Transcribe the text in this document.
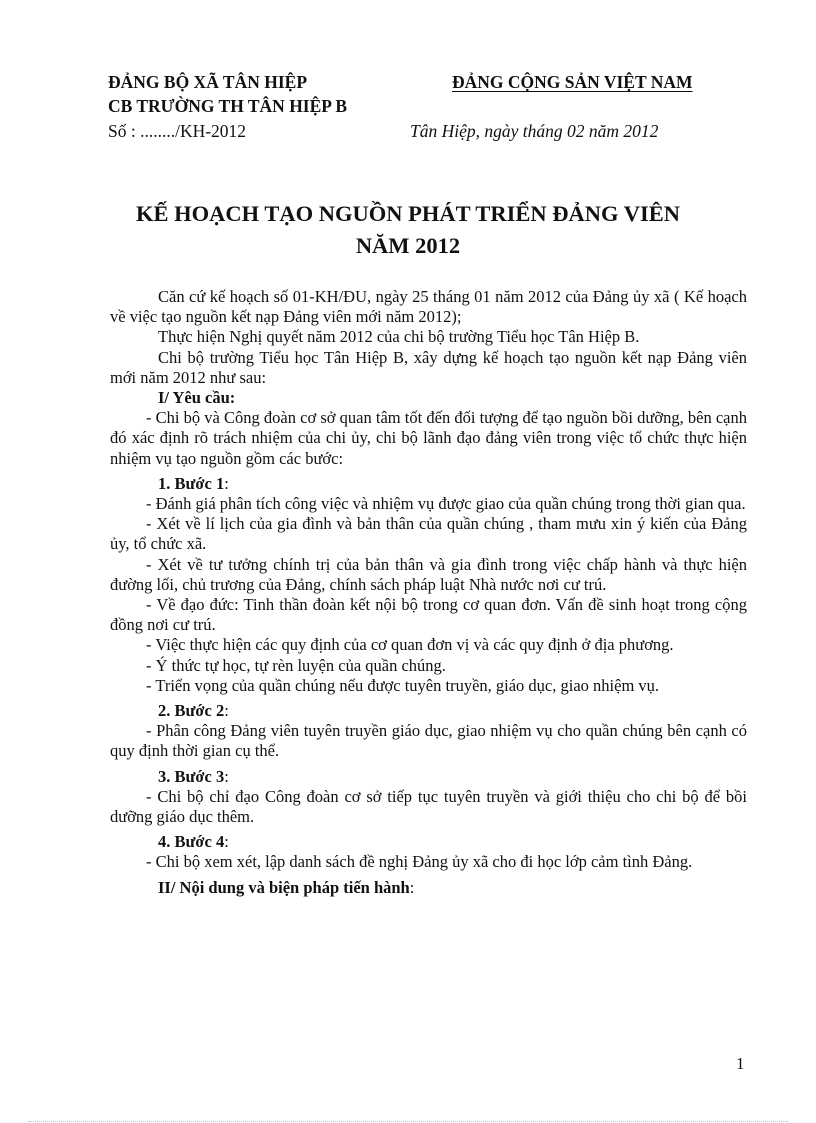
ĐẢNG BỘ XÃ TÂN HIỆP
CB TRƯỜNG TH TÂN HIỆP B
Số : ......../KH-2012
ĐẢNG CỘNG SẢN VIỆT NAM
Tân Hiệp, ngày tháng 02 năm 2012
KẾ HOẠCH TẠO NGUỒN PHÁT TRIỂN ĐẢNG VIÊN
NĂM 2012

Căn cứ kế hoạch số 01-KH/ĐU, ngày 25 tháng 01 năm 2012 của Đảng ủy xã ( Kế hoạch về việc tạo nguồn kết nạp Đảng viên mới năm 2012);

Thực hiện Nghị quyết năm 2012 của chi bộ trường Tiểu học Tân Hiệp B.

Chi bộ trường Tiểu học Tân Hiệp B, xây dựng kế hoạch tạo nguồn kết nạp Đảng viên mới năm 2012 như sau:

I/ Yêu cầu:

- Chi bộ và Công đoàn cơ sở quan tâm tốt đến đối tượng để tạo nguồn bồi dưỡng, bên cạnh đó xác định rõ trách nhiệm của chi ủy, chi bộ lãnh đạo đảng viên trong việc tổ chức thực hiện nhiệm vụ tạo nguồn gồm các bước:

1. Bước 1:

- Đánh giá phân tích công việc và nhiệm vụ được giao của quần chúng trong thời gian qua.

- Xét về lí lịch của gia đình và bản thân của quần chúng , tham mưu xin ý kiến của Đảng ủy, tổ chức xã.

- Xét về tư tưởng chính trị của bản thân và gia đình trong việc chấp hành và thực hiện đường lối, chủ trương của Đảng, chính sách pháp luật Nhà nước nơi cư trú.

- Về đạo đức: Tinh thần đoàn kết nội bộ trong cơ quan đơn. Vấn đề sinh hoạt trong cộng đồng nơi cư trú.

- Việc thực hiện các quy định của cơ quan đơn vị và các quy định ở địa phương.

- Ý thức tự học, tự rèn luyện của quần chúng.

- Triển vọng của quần chúng nếu được tuyên truyền, giáo dục, giao nhiệm vụ.

2. Bước 2:

- Phân công Đảng viên tuyên truyền giáo dục, giao nhiệm vụ cho quần chúng bên cạnh có quy định thời gian cụ thể.

3. Bước 3:

- Chi bộ chỉ đạo Công đoàn cơ sở tiếp tục tuyên truyền và giới thiệu cho chi bộ để bồi dưỡng giáo dục thêm.

4. Bước 4:

- Chi bộ xem xét, lập danh sách đề nghị Đảng ủy xã cho đi học lớp cảm tình Đảng.

II/ Nội dung và biện pháp tiến hành:

1
